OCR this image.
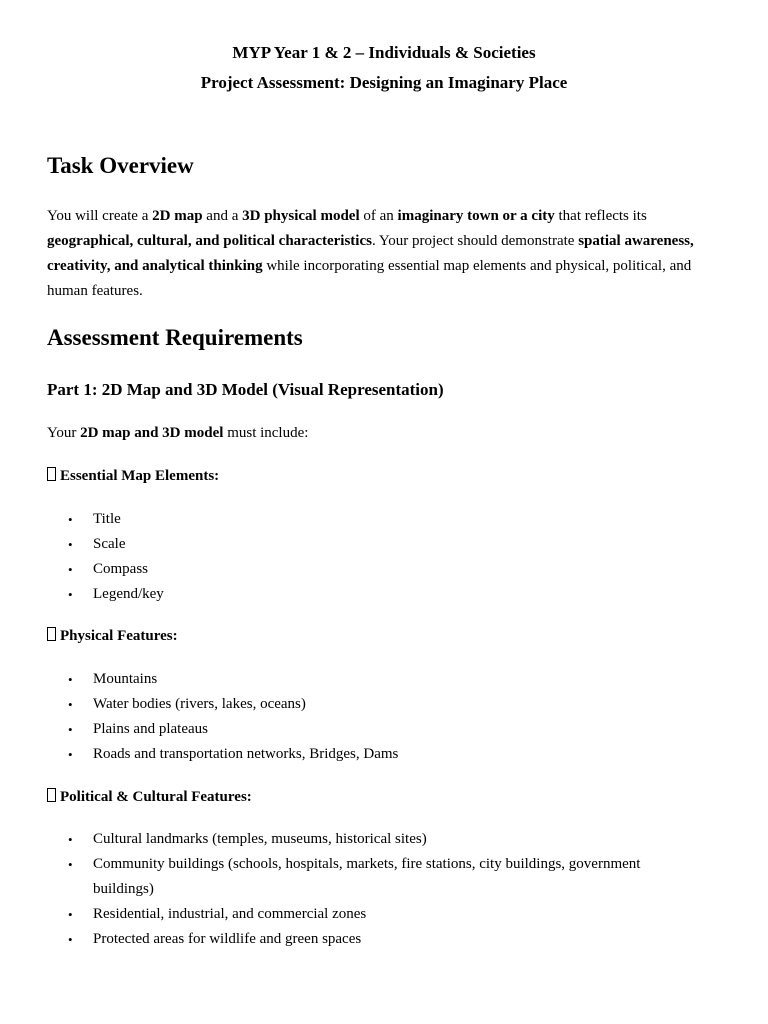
MYP Year 1 & 2 – Individuals & Societies
Project Assessment: Designing an Imaginary Place
Task Overview
You will create a 2D map and a 3D physical model of an imaginary town or a city that reflects its geographical, cultural, and political characteristics. Your project should demonstrate spatial awareness, creativity, and analytical thinking while incorporating essential map elements and physical, political, and human features.
Assessment Requirements
Part 1: 2D Map and 3D Model (Visual Representation)
Your 2D map and 3D model must include:
Essential Map Elements:
• Title
• Scale
• Compass
• Legend/key
Physical Features:
• Mountains
• Water bodies (rivers, lakes, oceans)
• Plains and plateaus
• Roads and transportation networks, Bridges, Dams
Political & Cultural Features:
• Cultural landmarks (temples, museums, historical sites)
• Community buildings (schools, hospitals, markets, fire stations, city buildings, government buildings)
• Residential, industrial, and commercial zones
• Protected areas for wildlife and green spaces
